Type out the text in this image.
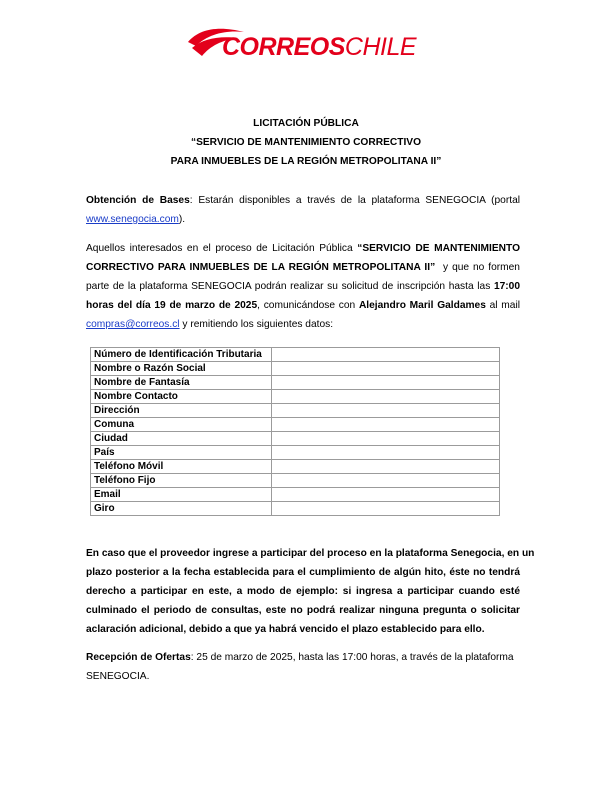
CORREOSCHILE
LICITACIÓN PÚBLICA
“SERVICIO DE MANTENIMIENTO CORRECTIVO
PARA INMUEBLES DE LA REGIÓN METROPOLITANA II”
Obtención de Bases: Estarán disponibles a través de la plataforma SENEGOCIA (portal
www.senegocia.com).
Aquellos interesados en el proceso de Licitación Pública “SERVICIO DE MANTENIMIENTO
CORRECTIVO PARA INMUEBLES DE LA REGIÓN METROPOLITANA II”  y que no formen
parte de la plataforma SENEGOCIA podrán realizar su solicitud de inscripción hasta las 17:00
horas del día 19 de marzo de 2025, comunicándose con Alejandro Maril Galdames al mail
compras@correos.cl y remitiendo los siguientes datos:
Número de Identificación Tributaria	
Nombre o Razón Social	
Nombre de Fantasía	
Nombre Contacto	
Dirección	
Comuna	
Ciudad	
País	
Teléfono Móvil	
Teléfono Fijo	
Email	
Giro	
En caso que el proveedor ingrese a participar del proceso en la plataforma Senegocia, en un
plazo posterior a la fecha establecida para el cumplimiento de algún hito, éste no tendrá
derecho a participar en este, a modo de ejemplo: si ingresa a participar cuando esté
culminado el periodo de consultas, este no podrá realizar ninguna pregunta o solicitar
aclaración adicional, debido a que ya habrá vencido el plazo establecido para ello.
Recepción de Ofertas: 25 de marzo de 2025, hasta las 17:00 horas, a través de la plataforma
SENEGOCIA.
